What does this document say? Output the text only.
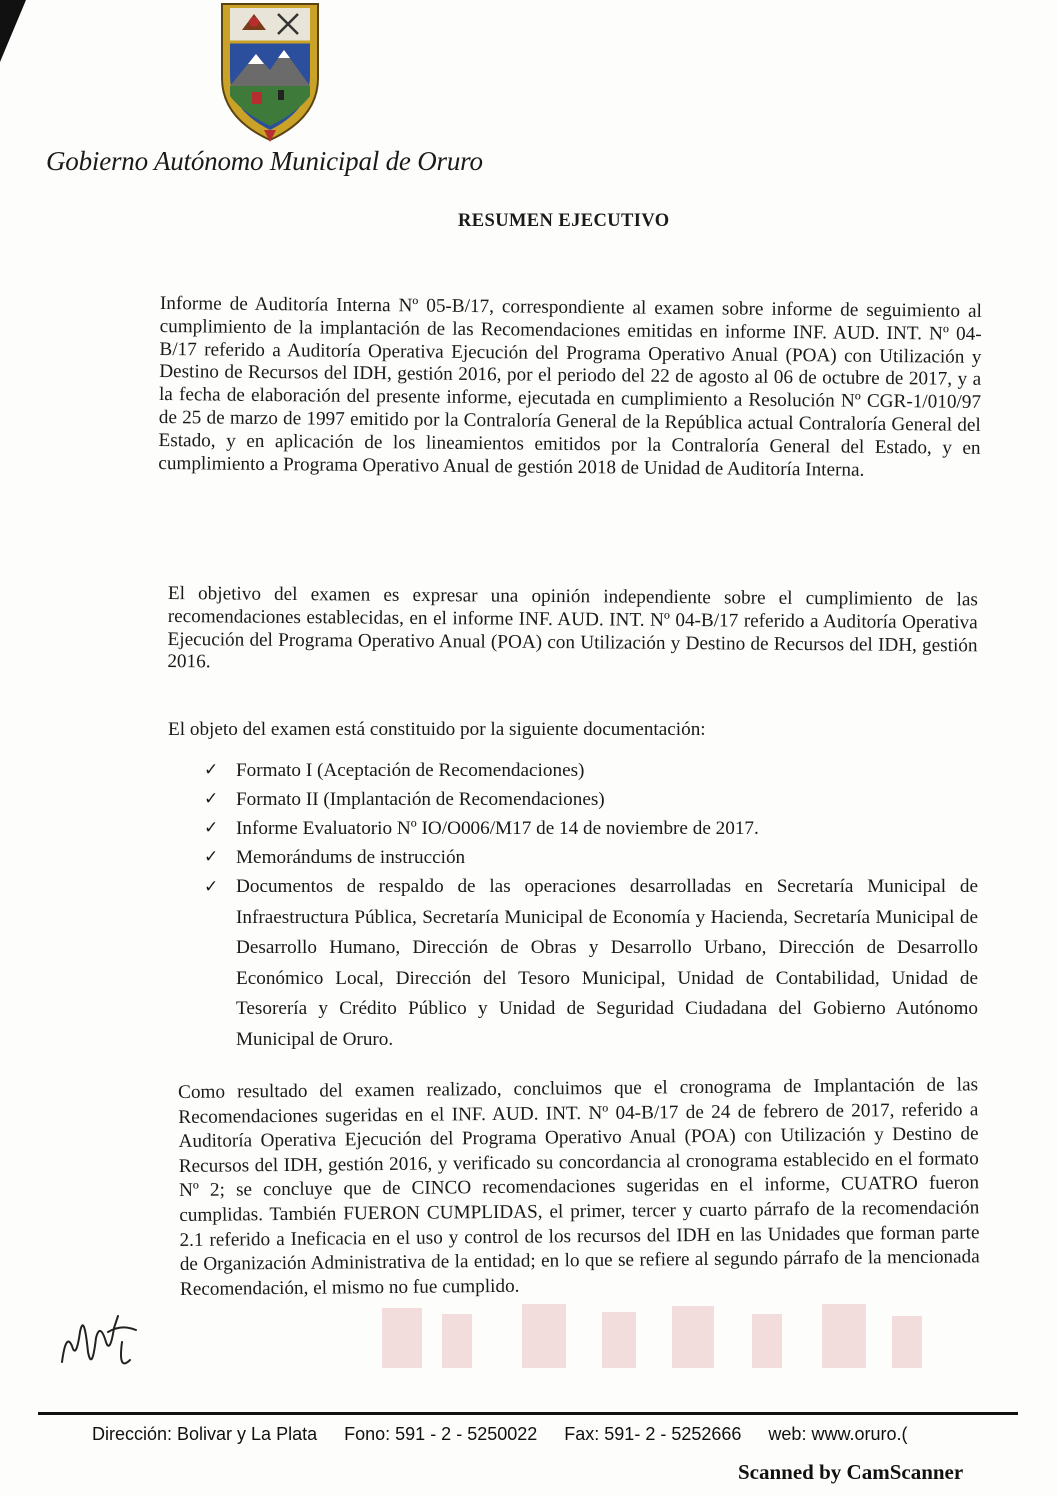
Gobierno Autónomo Municipal de Oruro
RESUMEN EJECUTIVO

Informe de Auditoría Interna Nº 05-B/17, correspondiente al examen sobre informe de seguimiento al cumplimiento de la implantación de las Recomendaciones emitidas en informe INF. AUD. INT. Nº 04-B/17 referido a Auditoría Operativa Ejecución del Programa Operativo Anual (POA) con Utilización y Destino de Recursos del IDH, gestión 2016, por el periodo del 22 de agosto al 06 de octubre de 2017, y a la fecha de elaboración del presente informe, ejecutada en cumplimiento a Resolución Nº CGR-1/010/97 de 25 de marzo de 1997 emitido por la Contraloría General de la República actual Contraloría General del Estado, y en aplicación de los lineamientos emitidos por la Contraloría General del Estado, y en cumplimiento a Programa Operativo Anual de gestión 2018 de Unidad de Auditoría Interna.

El objetivo del examen es expresar una opinión independiente sobre el cumplimiento de las recomendaciones establecidas, en el informe INF. AUD. INT. Nº 04-B/17 referido a Auditoría Operativa Ejecución del Programa Operativo Anual (POA) con Utilización y Destino de Recursos del IDH, gestión 2016.

El objeto del examen está constituido por la siguiente documentación:

✓ Formato I (Aceptación de Recomendaciones)
✓ Formato II (Implantación de Recomendaciones)
✓ Informe Evaluatorio Nº IO/O006/M17 de 14 de noviembre de 2017.
✓ Memorándums de instrucción
✓ Documentos de respaldo de las operaciones desarrolladas en Secretaría Municipal de Infraestructura Pública, Secretaría Municipal de Economía y Hacienda, Secretaría Municipal de Desarrollo Humano, Dirección de Obras y Desarrollo Urbano, Dirección de Desarrollo Económico Local, Dirección del Tesoro Municipal, Unidad de Contabilidad, Unidad de Tesorería y Crédito Público y Unidad de Seguridad Ciudadana del Gobierno Autónomo Municipal de Oruro.

Como resultado del examen realizado, concluimos que el cronograma de Implantación de las Recomendaciones sugeridas en el INF. AUD. INT. Nº 04-B/17 de 24 de febrero de 2017, referido a Auditoría Operativa Ejecución del Programa Operativo Anual (POA) con Utilización y Destino de Recursos del IDH, gestión 2016, y verificado su concordancia al cronograma establecido en el formato Nº 2; se concluye que de CINCO recomendaciones sugeridas en el informe, CUATRO fueron cumplidas. También FUERON CUMPLIDAS, el primer, tercer y cuarto párrafo de la recomendación 2.1 referido a Ineficacia en el uso y control de los recursos del IDH en las Unidades que forman parte de Organización Administrativa de la entidad; en lo que se refiere al segundo párrafo de la mencionada Recomendación, el mismo no fue cumplido.

Dirección: Bolivar y La Plata Fono: 591 - 2 - 5250022 Fax: 591- 2 - 5252666 web: www.oruro.(
Scanned by CamScanner
